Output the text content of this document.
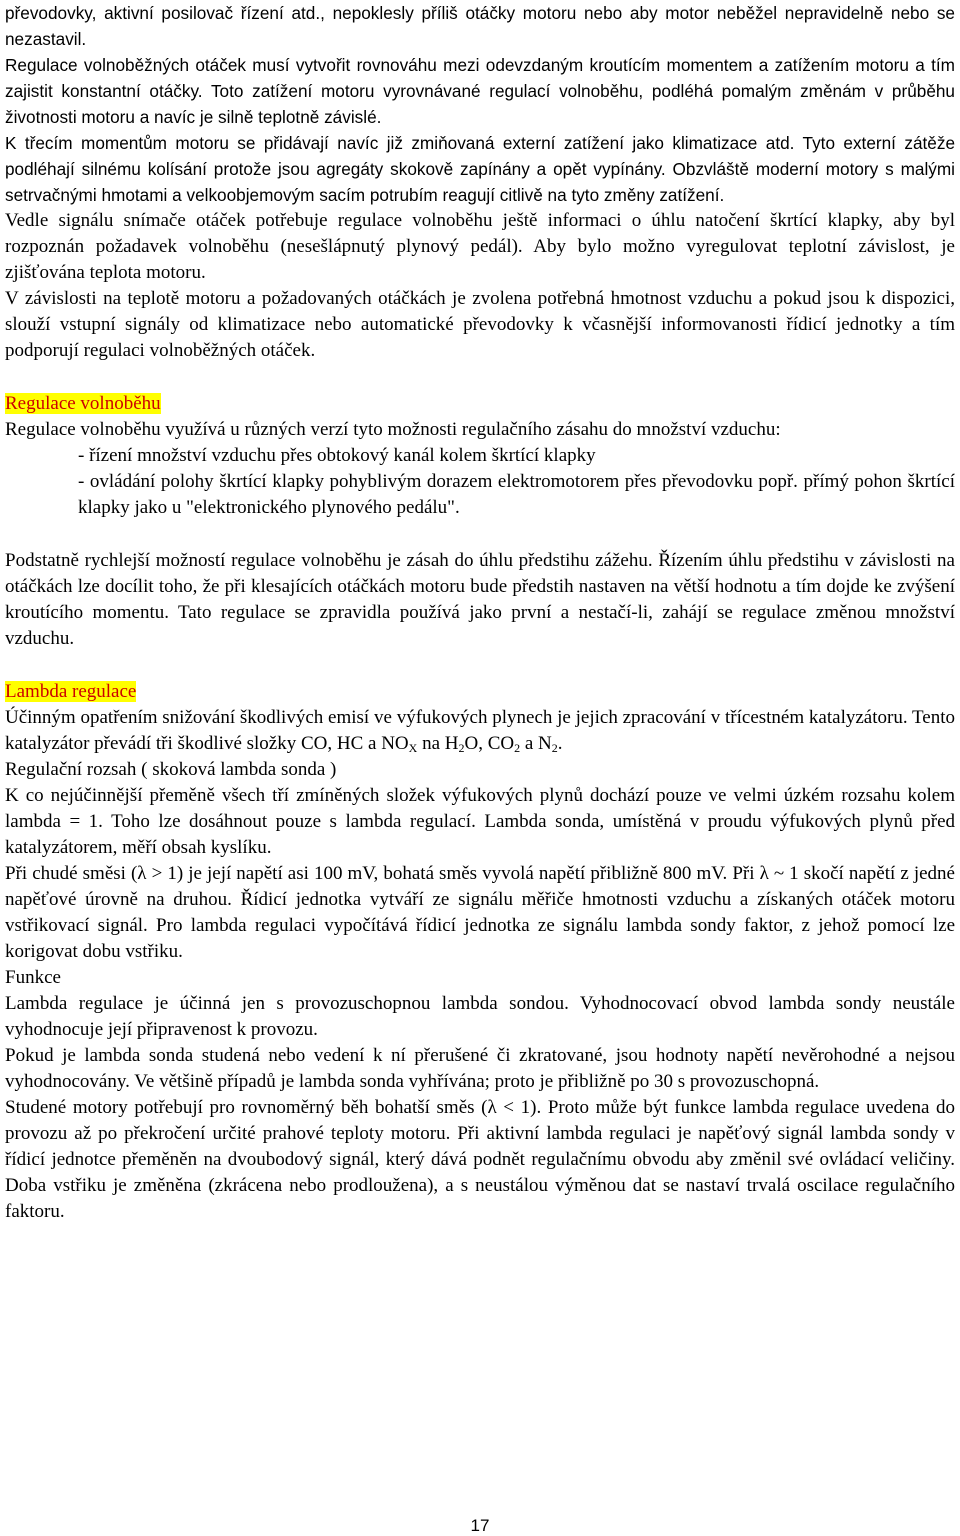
převodovky, aktivní posilovač řízení atd., nepoklesly příliš otáčky motoru nebo aby motor neběžel nepravidelně nebo se nezastavil.

Regulace volnoběžných otáček musí vytvořit rovnováhu mezi odevzdaným kroutícím momentem a zatížením motoru a tím zajistit konstantní otáčky. Toto zatížení motoru vyrovnávané regulací volnoběhu, podléhá pomalým změnám v průběhu životnosti motoru a navíc je silně teplotně závislé.

K třecím momentům motoru se přidávají navíc již zmiňovaná externí zatížení jako klimatizace atd. Tyto externí zátěže podléhají silnému kolísání protože jsou agregáty skokově zapínány a opět vypínány. Obzvláště moderní motory s malými setrvačnými hmotami a velkoobjemovým sacím potrubím reagují citlivě na tyto změny zatížení.

Vedle signálu snímače otáček potřebuje regulace volnoběhu ještě informaci o úhlu natočení škrtící klapky, aby byl rozpoznán požadavek volnoběhu (nesešlápnutý plynový pedál). Aby bylo možno vyregulovat teplotní závislost, je zjišťována teplota motoru.

V závislosti na teplotě motoru a požadovaných otáčkách je zvolena potřebná hmotnost vzduchu a pokud jsou k dispozici, slouží vstupní signály od klimatizace nebo automatické převodovky k včasnější informovanosti řídicí jednotky a tím podporují regulaci volnoběžných otáček.

Regulace volnoběhu

Regulace volnoběhu využívá u různých verzí tyto možnosti regulačního zásahu do množství vzduchu:

- řízení množství vzduchu přes obtokový kanál kolem škrtící klapky

- ovládání polohy škrtící klapky pohyblivým dorazem elektromotorem přes převodovku popř. přímý pohon škrtící klapky jako u "elektronického plynového pedálu".

Podstatně rychlejší možností regulace volnoběhu je zásah do úhlu předstihu zážehu. Řízením úhlu předstihu v závislosti na otáčkách lze docílit toho, že při klesajících otáčkách motoru bude předstih nastaven na větší hodnotu a tím dojde ke zvýšení kroutícího momentu. Tato regulace se zpravidla používá jako první a nestačí-li, zahájí se regulace změnou množství vzduchu.

Lambda regulace

Účinným opatřením snižování škodlivých emisí ve výfukových plynech je jejich zpracování v třícestném katalyzátoru. Tento katalyzátor převádí tři škodlivé složky CO, HC a $NO_X$ na $H_2O$, $CO_2$ a $N_2$.

Regulační rozsah ( skoková lambda sonda )

K co nejúčinnější přeměně všech tří zmíněných složek výfukových plynů dochází pouze ve velmi úzkém rozsahu kolem lambda = 1. Toho lze dosáhnout pouze s lambda regulací. Lambda sonda, umístěná v proudu výfukových plynů před katalyzátorem, měří obsah kyslíku.

Při chudé směsi (λ > 1) je její napětí asi 100 mV, bohatá směs vyvolá napětí přibližně 800 mV. Při λ ~ 1 skočí napětí z jedné napěťové úrovně na druhou. Řídicí jednotka vytváří ze signálu měřiče hmotnosti vzduchu a získaných otáček motoru vstřikovací signál. Pro lambda regulaci vypočítává řídicí jednotka ze signálu lambda sondy faktor, z jehož pomocí lze korigovat dobu vstřiku.

Funkce

Lambda regulace je účinná jen s provozuschopnou lambda sondou. Vyhodnocovací obvod lambda sondy neustále vyhodnocuje její připravenost k provozu.

Pokud je lambda sonda studená nebo vedení k ní přerušené či zkratované, jsou hodnoty napětí nevěrohodné a nejsou vyhodnocovány. Ve většině případů je lambda sonda vyhřívána; proto je přibližně po 30 s provozuschopná.

Studené motory potřebují pro rovnoměrný běh bohatší směs (λ < 1). Proto může být funkce lambda regulace uvedena do provozu až po překročení určité prahové teploty motoru. Při aktivní lambda regulaci je napěťový signál lambda sondy v řídicí jednotce přeměněn na dvoubodový signál, který dává podnět regulačnímu obvodu aby změnil své ovládací veličiny. Doba vstřiku je změněna (zkrácena nebo prodloužena), a s neustálou výměnou dat se nastaví trvalá oscilace regulačního faktoru.

17
